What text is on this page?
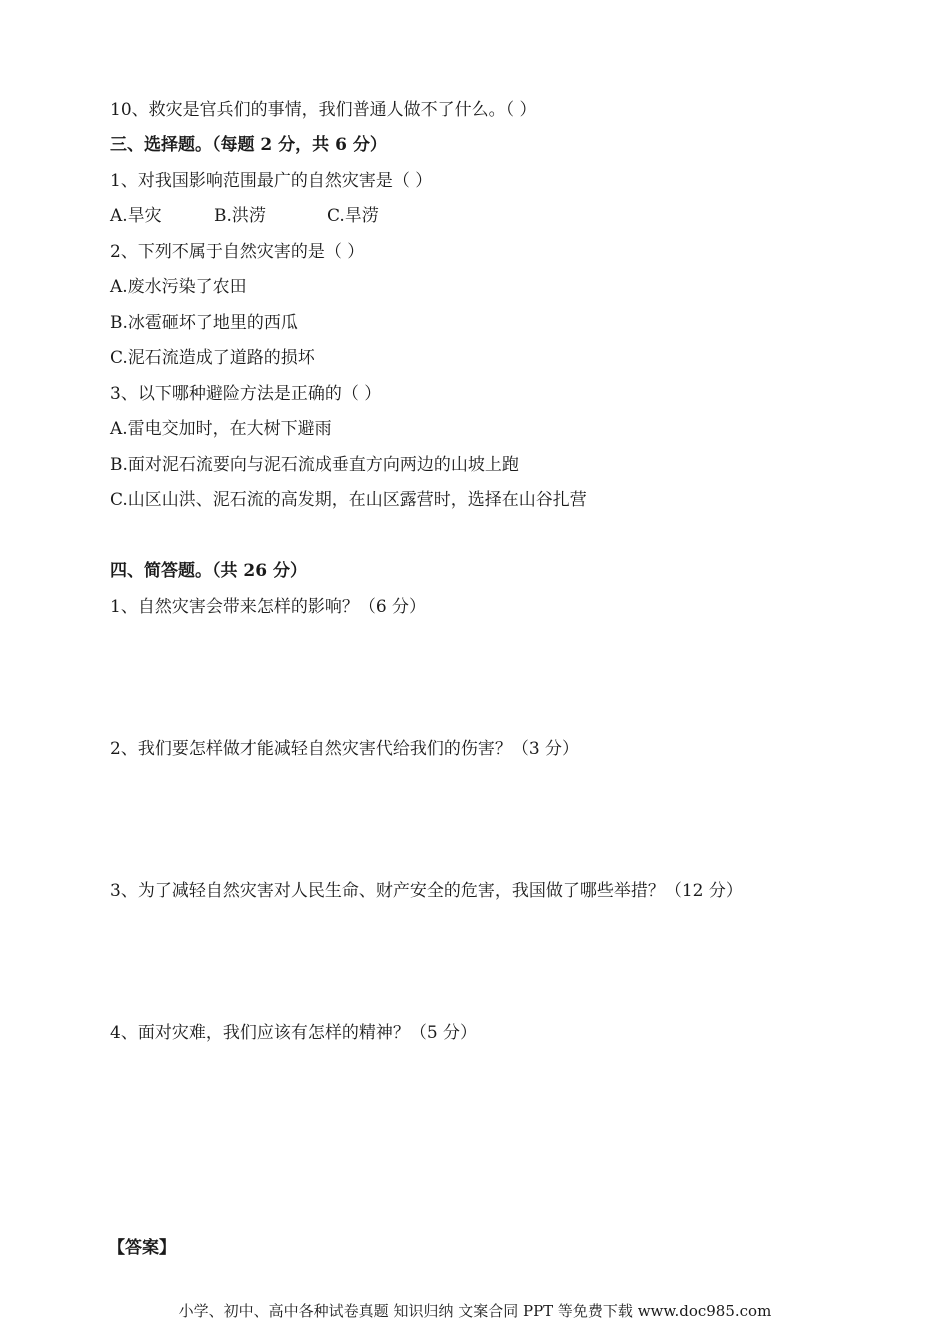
10、救灾是官兵们的事情，我们普通人做不了什么。（ ）
三、选择题。（每题 2 分，共 6 分）
1、对我国影响范围最广的自然灾害是（ ）
A.旱灾	B.洪涝	C.旱涝
2、下列不属于自然灾害的是（ ）
A.废水污染了农田
B.冰雹砸坏了地里的西瓜
C.泥石流造成了道路的损坏
3、以下哪种避险方法是正确的（ ）
A.雷电交加时，在大树下避雨
B.面对泥石流要向与泥石流成垂直方向两边的山坡上跑
C.山区山洪、泥石流的高发期，在山区露营时，选择在山谷扎营
四、简答题。（共 26 分）
1、自然灾害会带来怎样的影响？（6 分）
2、我们要怎样做才能减轻自然灾害代给我们的伤害？（3 分）
3、为了减轻自然灾害对人民生命、财产安全的危害，我国做了哪些举措？（12 分）
4、面对灾难，我们应该有怎样的精神？（5 分）
【答案】
小学、初中、高中各种试卷真题 知识归纳 文案合同 PPT 等免费下载 www.doc985.com
